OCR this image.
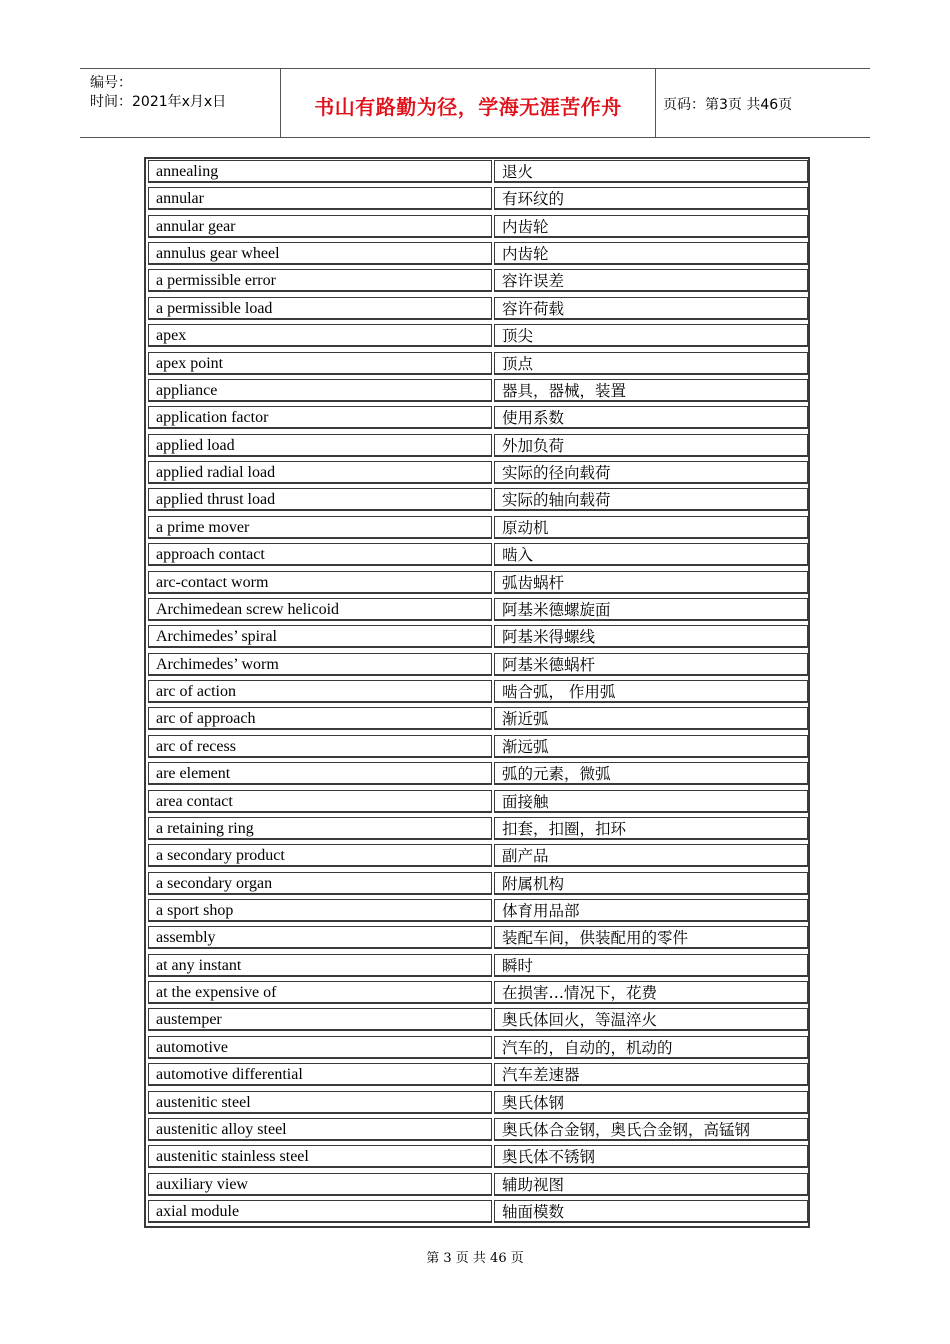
编号：
时间：2021年x月x日	书山有路勤为径，学海无涯苦作舟	页码：第3页 共46页
annealing	退火
annular	有环纹的
annular gear	内齿轮
annulus gear wheel	内齿轮
a permissible error	容许误差
a permissible load	容许荷载
apex	顶尖
apex point	顶点
appliance	器具，器械，装置
application factor	使用系数
applied load	外加负荷
applied radial load	实际的径向载荷
applied thrust load	实际的轴向载荷
a prime mover	原动机
approach contact	啮入
arc-contact worm	弧齿蜗杆
Archimedean screw helicoid	阿基米德螺旋面
Archimedes’ spiral	阿基米得螺线
Archimedes’ worm	阿基米德蜗杆
arc of action	啮合弧， 作用弧
arc of approach	渐近弧
arc of recess	渐远弧
are element	弧的元素，微弧
area contact	面接触
a retaining ring	扣套，扣圈，扣环
a secondary product	副产品
a secondary organ	附属机构
a sport shop	体育用品部
assembly	装配车间，供装配用的零件
at any instant	瞬时
at the expensive of	在损害…情况下，花费
austemper	奥氏体回火，等温淬火
automotive	汽车的，自动的，机动的
automotive differential	汽车差速器
austenitic steel	奥氏体钢
austenitic alloy steel	奥氏体合金钢，奥氏合金钢，高锰钢
austenitic stainless steel	奥氏体不锈钢
auxiliary view	辅助视图
axial module	轴面模数
第 3 页 共 46 页
